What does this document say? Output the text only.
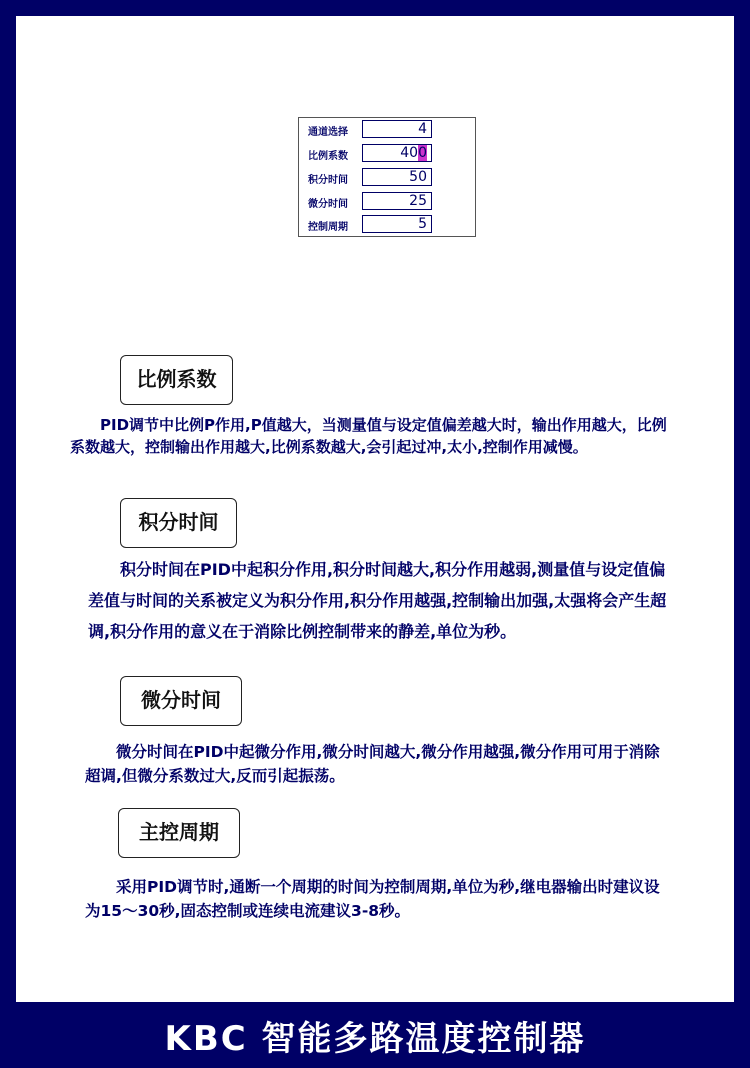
通道选择	4
比例系数	400
积分时间	50
微分时间	25
控制周期	5
比例系数
PID调节中比例P作用,P值越大，当测量值与设定值偏差越大时，输出作用越大，比例系数越大，控制输出作用越大,比例系数越大,会引起过冲,太小,控制作用减慢。
积分时间
积分时间在PID中起积分作用,积分时间越大,积分作用越弱,测量值与设定值偏差值与时间的关系被定义为积分作用,积分作用越强,控制输出加强,太强将会产生超调,积分作用的意义在于消除比例控制带来的静差,单位为秒。
微分时间
微分时间在PID中起微分作用,微分时间越大,微分作用越强,微分作用可用于消除超调,但微分系数过大,反而引起振荡。
主控周期
采用PID调节时,通断一个周期的时间为控制周期,单位为秒,继电器输出时建议设为15～30秒,固态控制或连续电流建议3-8秒。
KBC 智能多路温度控制器
